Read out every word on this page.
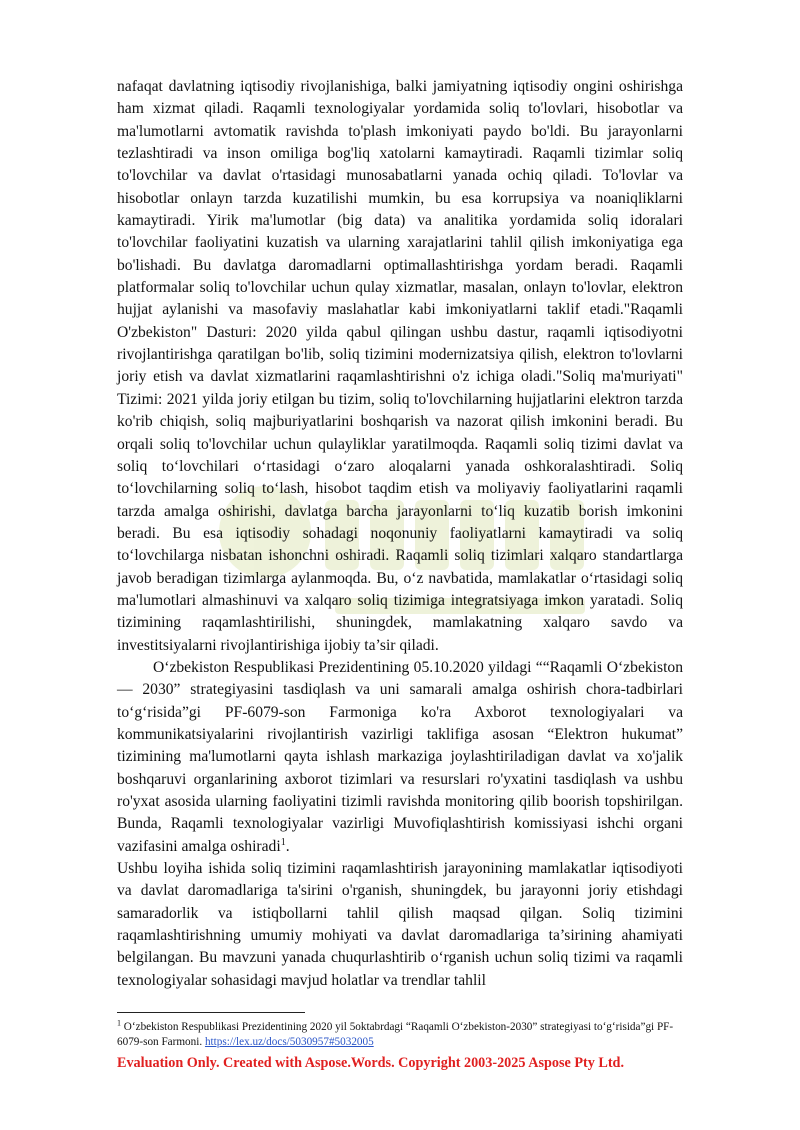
nafaqat davlatning iqtisodiy rivojlanishiga, balki jamiyatning iqtisodiy ongini oshirishga ham xizmat qiladi. Raqamli texnologiyalar yordamida soliq to'lovlari, hisobotlar va ma'lumotlarni avtomatik ravishda to'plash imkoniyati paydo bo'ldi. Bu jarayonlarni tezlashtiradi va inson omiliga bog'liq xatolarni kamaytiradi. Raqamli tizimlar soliq to'lovchilar va davlat o'rtasidagi munosabatlarni yanada ochiq qiladi. To'lovlar va hisobotlar onlayn tarzda kuzatilishi mumkin, bu esa korrupsiya va noaniqliklarni kamaytiradi. Yirik ma'lumotlar (big data) va analitika yordamida soliq idoralari to'lovchilar faoliyatini kuzatish va ularning xarajatlarini tahlil qilish imkoniyatiga ega bo'lishadi. Bu davlatga daromadlarni optimallashtirishga yordam beradi. Raqamli platformalar soliq to'lovchilar uchun qulay xizmatlar, masalan, onlayn to'lovlar, elektron hujjat aylanishi va masofaviy maslahatlar kabi imkoniyatlarni taklif etadi."Raqamli O'zbekiston" Dasturi: 2020 yilda qabul qilingan ushbu dastur, raqamli iqtisodiyotni rivojlantirishga qaratilgan bo'lib, soliq tizimini modernizatsiya qilish, elektron to'lovlarni joriy etish va davlat xizmatlarini raqamlashtirishni o'z ichiga oladi."Soliq ma'muriyati" Tizimi: 2021 yilda joriy etilgan bu tizim, soliq to'lovchilarning hujjatlarini elektron tarzda ko'rib chiqish, soliq majburiyatlarini boshqarish va nazorat qilish imkonini beradi. Bu orqali soliq to'lovchilar uchun qulayliklar yaratilmoqda. Raqamli soliq tizimi davlat va soliq to‘lovchilari o‘rtasidagi o‘zaro aloqalarni yanada oshkoralashtiradi. Soliq to‘lovchilarning soliq to‘lash, hisobot taqdim etish va moliyaviy faoliyatlarini raqamli tarzda amalga oshirishi, davlatga barcha jarayonlarni to‘liq kuzatib borish imkonini beradi. Bu esa iqtisodiy sohadagi noqonuniy faoliyatlarni kamaytiradi va soliq to‘lovchilarga nisbatan ishonchni oshiradi. Raqamli soliq tizimlari xalqaro standartlarga javob beradigan tizimlarga aylanmoqda. Bu, o‘z navbatida, mamlakatlar o‘rtasidagi soliq ma'lumotlari almashinuvi va xalqaro soliq tizimiga integratsiyaga imkon yaratadi. Soliq tizimining raqamlashtirilishi, shuningdek, mamlakatning xalqaro savdo va investitsiyalarni rivojlantirishiga ijobiy ta’sir qiladi.

O‘zbekiston Respublikasi Prezidentining 05.10.2020 yildagi ““Raqamli O‘zbekiston — 2030” strategiyasini tasdiqlash va uni samarali amalga oshirish chora-tadbirlari to‘g‘risida”gi PF-6079-son Farmoniga ko'ra Axborot texnologiyalari va kommunikatsiyalarini rivojlantirish vazirligi taklifiga asosan “Elektron hukumat” tizimining ma'lumotlarni qayta ishlash markaziga joylashtiriladigan davlat va xo'jalik boshqaruvi organlarining axborot tizimlari va resurslari ro'yxatini tasdiqlash va ushbu ro'yxat asosida ularning faoliyatini tizimli ravishda monitoring qilib boorish topshirilgan. Bunda, Raqamli texnologiyalar vazirligi Muvofiqlashtirish komissiyasi ishchi organi vazifasini amalga oshiradi$^1$.

Ushbu loyiha ishida soliq tizimini raqamlashtirish jarayonining mamlakatlar iqtisodiyoti va davlat daromadlariga ta'sirini o'rganish, shuningdek, bu jarayonni joriy etishdagi samaradorlik va istiqbollarni tahlil qilish maqsad qilgan. Soliq tizimini raqamlashtirishning umumiy mohiyati va davlat daromadlariga ta’sirining ahamiyati belgilangan. Bu mavzuni yanada chuqurlashtirib o‘rganish uchun soliq tizimi va raqamli texnologiyalar sohasidagi mavjud holatlar va trendlar tahlil

$^1$ O‘zbekiston Respublikasi Prezidentining 2020 yil 5oktabrdagi “Raqamli O‘zbekiston-2030” strategiyasi to‘g‘risida”gi PF-6079-son Farmoni. https://lex.uz/docs/5030957#5032005
Evaluation Only. Created with Aspose.Words. Copyright 2003-2025 Aspose Pty Ltd.
